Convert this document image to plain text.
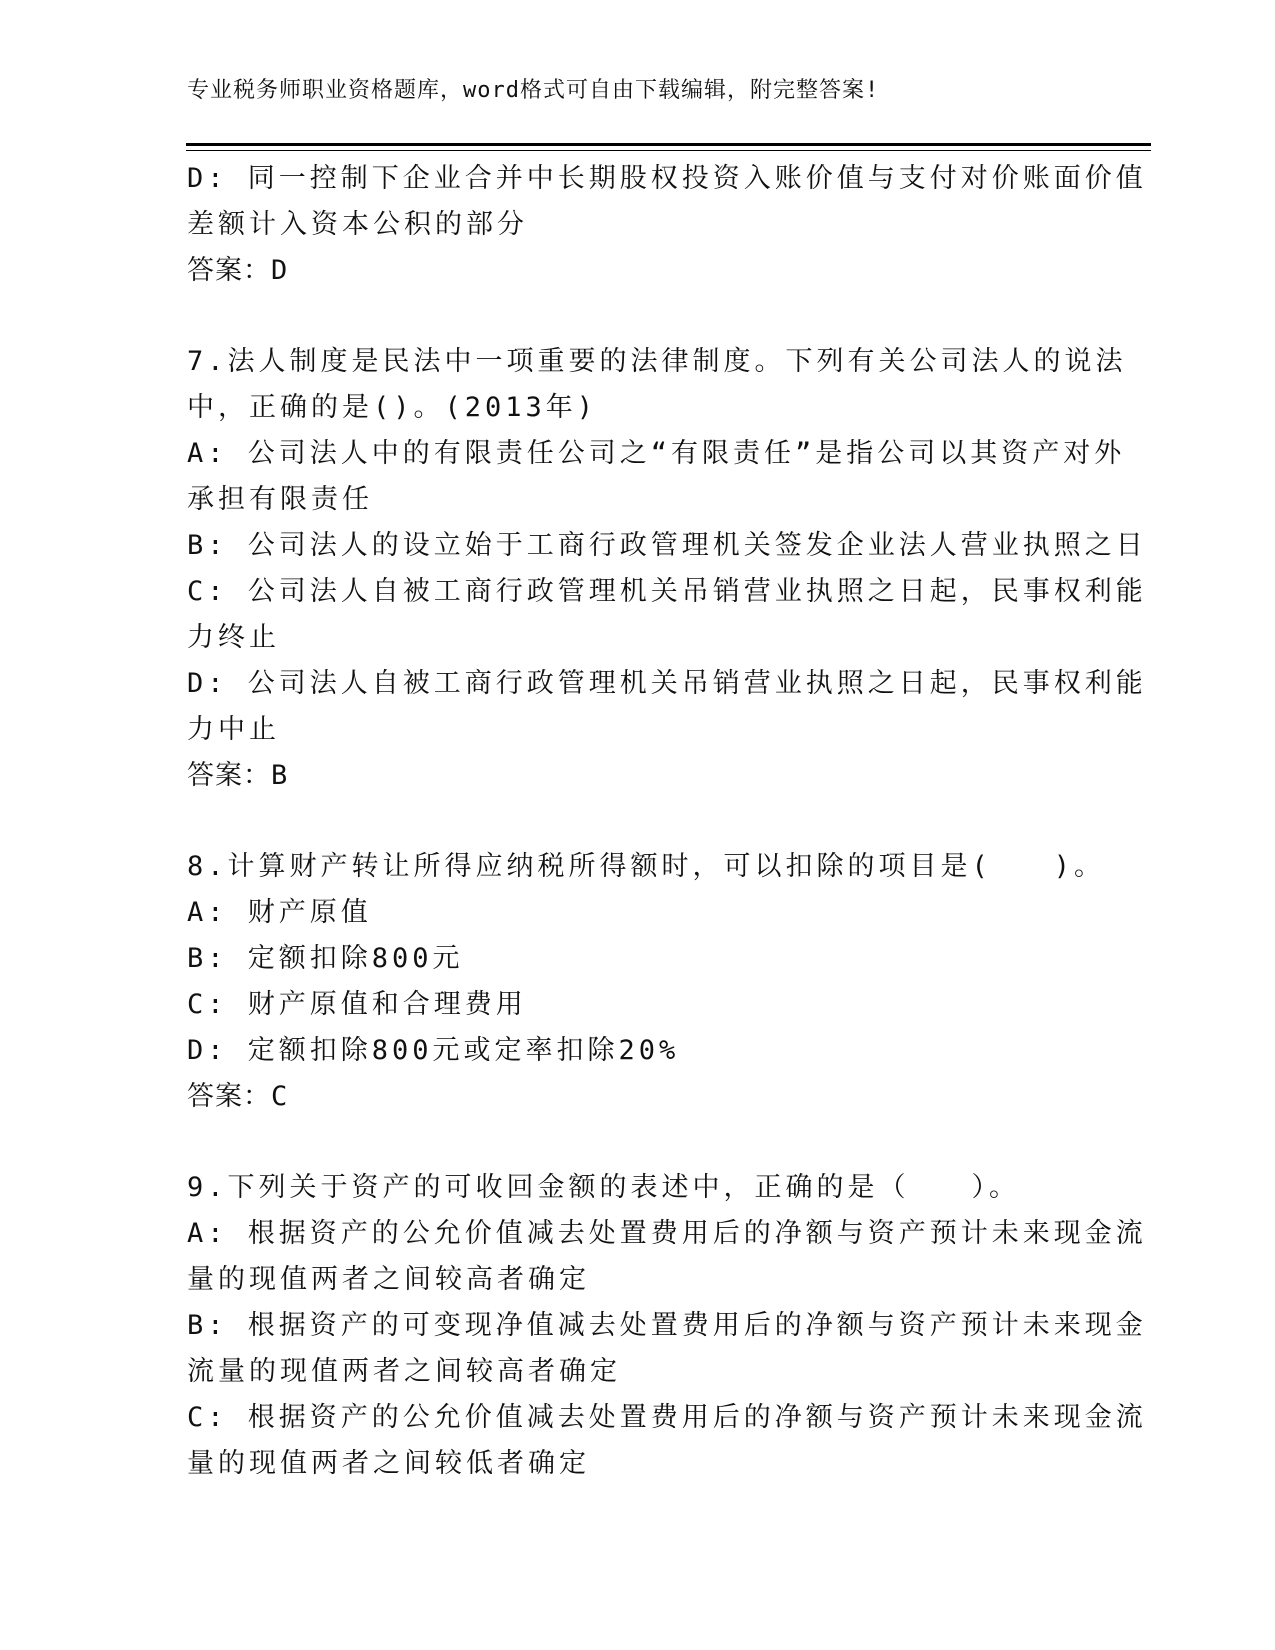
专业税务师职业资格题库，word格式可自由下载编辑，附完整答案!
D: 同一控制下企业合并中长期股权投资入账价值与支付对价账面价值
差额计入资本公积的部分
答案：D
7.法人制度是民法中一项重要的法律制度。下列有关公司法人的说法
中，正确的是()。(2013年)
A: 公司法人中的有限责任公司之“有限责任”是指公司以其资产对外
承担有限责任
B: 公司法人的设立始于工商行政管理机关签发企业法人营业执照之日
C: 公司法人自被工商行政管理机关吊销营业执照之日起，民事权利能
力终止
D: 公司法人自被工商行政管理机关吊销营业执照之日起，民事权利能
力中止
答案：B
8.计算财产转让所得应纳税所得额时，可以扣除的项目是(　　)。
A: 财产原值
B: 定额扣除800元
C: 财产原值和合理费用
D: 定额扣除800元或定率扣除20%
答案：C
9.下列关于资产的可收回金额的表述中，正确的是（　　）。
A: 根据资产的公允价值减去处置费用后的净额与资产预计未来现金流
量的现值两者之间较高者确定
B: 根据资产的可变现净值减去处置费用后的净额与资产预计未来现金
流量的现值两者之间较高者确定
C: 根据资产的公允价值减去处置费用后的净额与资产预计未来现金流
量的现值两者之间较低者确定
